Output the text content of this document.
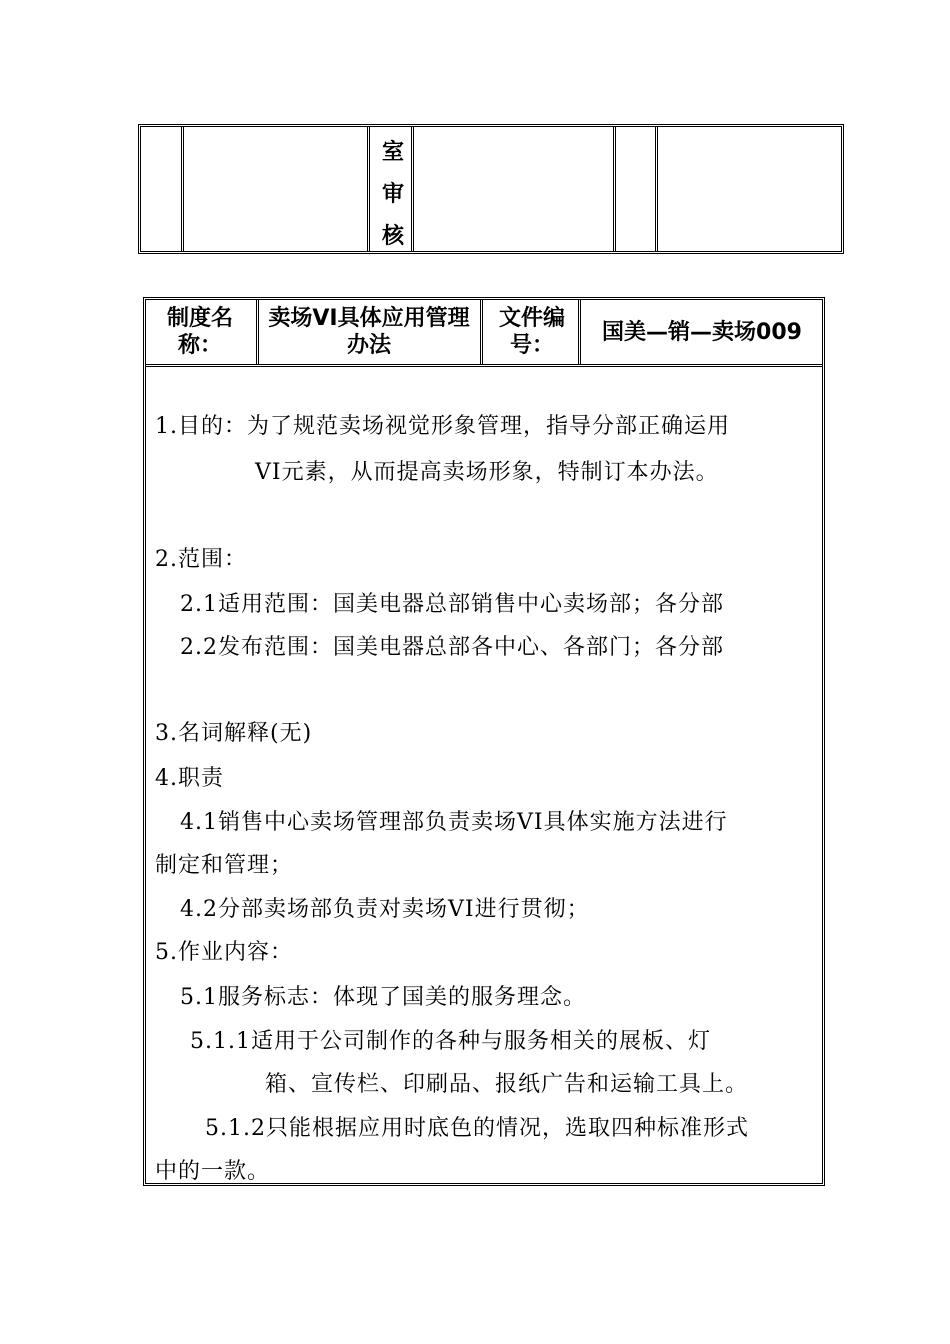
室
审
核
制度名称：
卖场VI具体应用管理办法
文件编号：
国美—销—卖场009
1.目的：为了规范卖场视觉形象管理，指导分部正确运用
VI元素，从而提高卖场形象，特制订本办法。
2.范围：
2.1适用范围：国美电器总部销售中心卖场部；各分部
2.2发布范围：国美电器总部各中心、各部门；各分部
3.名词解释(无)
4.职责
4.1销售中心卖场管理部负责卖场VI具体实施方法进行
制定和管理；
4.2分部卖场部负责对卖场VI进行贯彻；
5.作业内容：
5.1服务标志：体现了国美的服务理念。
5.1.1适用于公司制作的各种与服务相关的展板、灯
箱、宣传栏、印刷品、报纸广告和运输工具上。
5.1.2只能根据应用时底色的情况，选取四种标准形式
中的一款。
